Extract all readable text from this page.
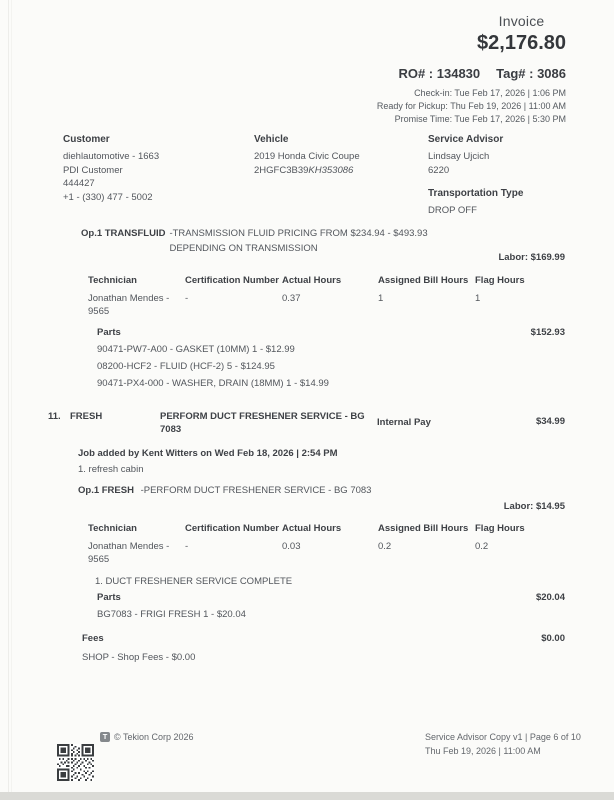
Invoice
$2,176.80
RO# : 134830 Tag# : 3086
Check-in: Tue Feb 17, 2026 | 1:06 PM
Ready for Pickup: Thu Feb 19, 2026 | 11:00 AM
Promise Time: Tue Feb 17, 2026 | 5:30 PM
Customer
diehlautomotive - 1663
PDI Customer
444427
+1 - (330) 477 - 5002
Vehicle
2019 Honda Civic Coupe
2HGFC3B39KH353086
Service Advisor
Lindsay Ujcich
6220
Transportation Type
DROP OFF
Op.1 TRANSFLUID -TRANSMISSION FLUID PRICING FROM $234.94 - $493.93
DEPENDING ON TRANSMISSION
Labor: $169.99
Technician	Certification Number Actual Hours	Assigned Bill Hours Flag Hours
Jonathan Mendes - 9565
-	0.37	1	1
Parts	$152.93
90471-PW7-A00 - GASKET (10MM) 1 - $12.99
08200-HCF2 - FLUID (HCF-2) 5 - $124.95
90471-PX4-000 - WASHER, DRAIN (18MM) 1 - $14.99
11. FRESH	PERFORM DUCT FRESHENER SERVICE - BG
7083
Internal Pay	$34.99
Job added by Kent Witters on Wed Feb 18, 2026 | 2:54 PM
1. refresh cabin
Op.1 FRESH -PERFORM DUCT FRESHENER SERVICE - BG 7083
Labor: $14.95
Technician	Certification Number Actual Hours	Assigned Bill Hours Flag Hours
Jonathan Mendes - 9565
-	0.03	0.2	0.2
1. DUCT FRESHENER SERVICE COMPLETE
Parts	$20.04
BG7083 - FRIGI FRESH 1 - $20.04
Fees	$0.00
SHOP - Shop Fees - $0.00
T © Tekion Corp 2026	Service Advisor Copy v1 | Page 6 of 10
Thu Feb 19, 2026 | 11:00 AM
